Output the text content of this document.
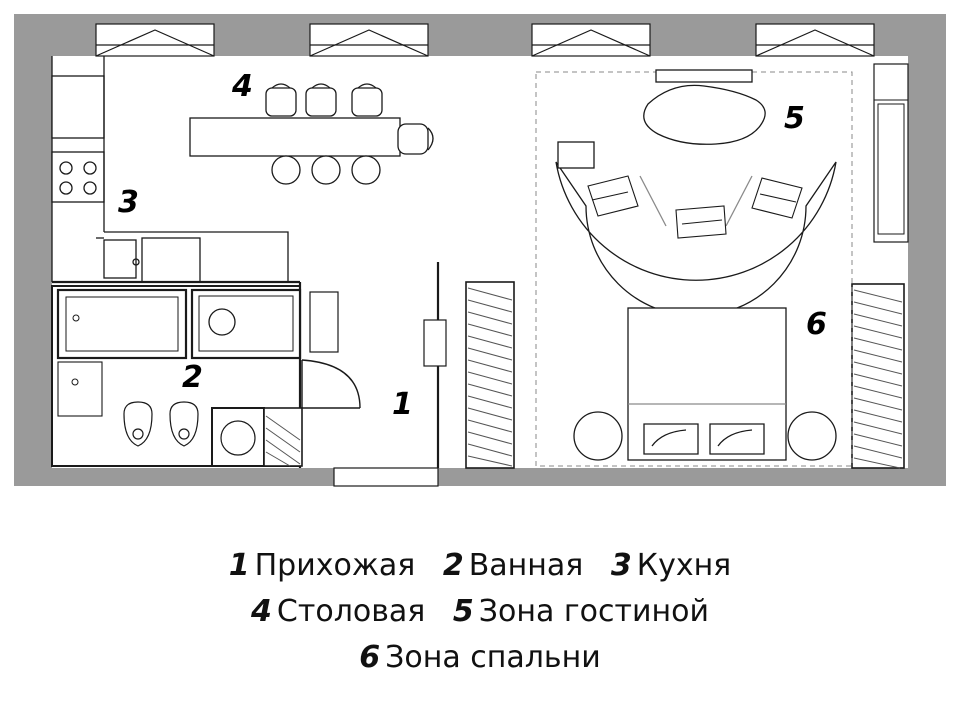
1
2
3
4
5
6
1 Прихожая 2 Ванная 3 Кухня
4 Столовая 5 Зона гостиной
6 Зона спальни
